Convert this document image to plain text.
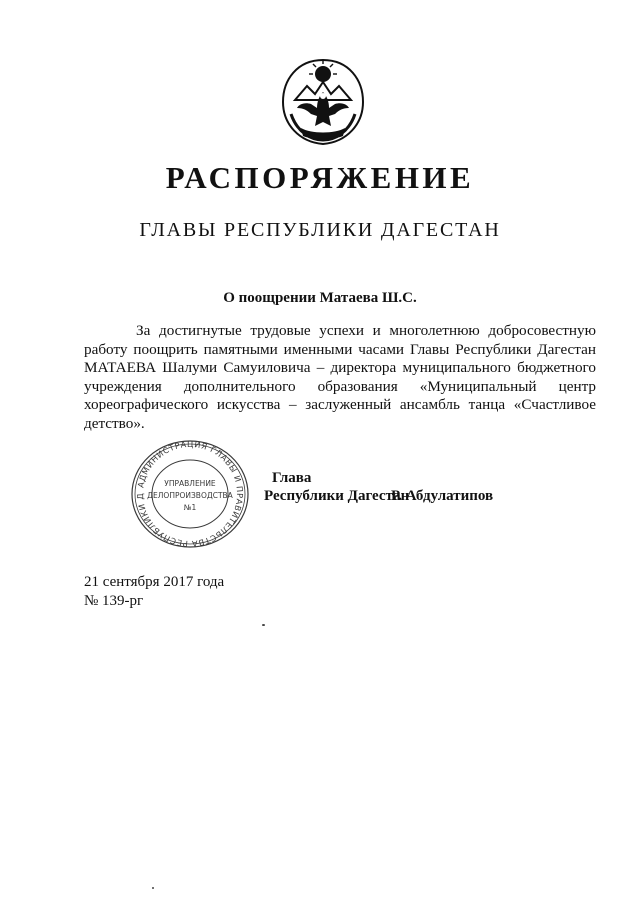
РАСПОРЯЖЕНИЕ
ГЛАВЫ РЕСПУБЛИКИ ДАГЕСТАН
О поощрении Матаева Ш.С.

За достигнутые трудовые успехи и многолетнюю добросовестную работу поощрить памятными именными часами Главы Республики Дагестан МАТАЕВА Шалуми Самуиловича – директора муниципального бюджетного учреждения дополнительного образования «Муниципальный центр хореографического искусства – заслуженный ансамбль танца «Счастливое детство».

АДМИНИСТРАЦИЯ ГЛАВЫ И ПРАВИТЕЛЬСТВА РЕСПУБЛИКИ Д
УПРАВЛЕНИЕ
ДЕЛОПРОИЗВОДСТВА
№1
Глава
Республики Дагестан
Р. Абдулатипов
21 сентября 2017 года
№ 139-рг
